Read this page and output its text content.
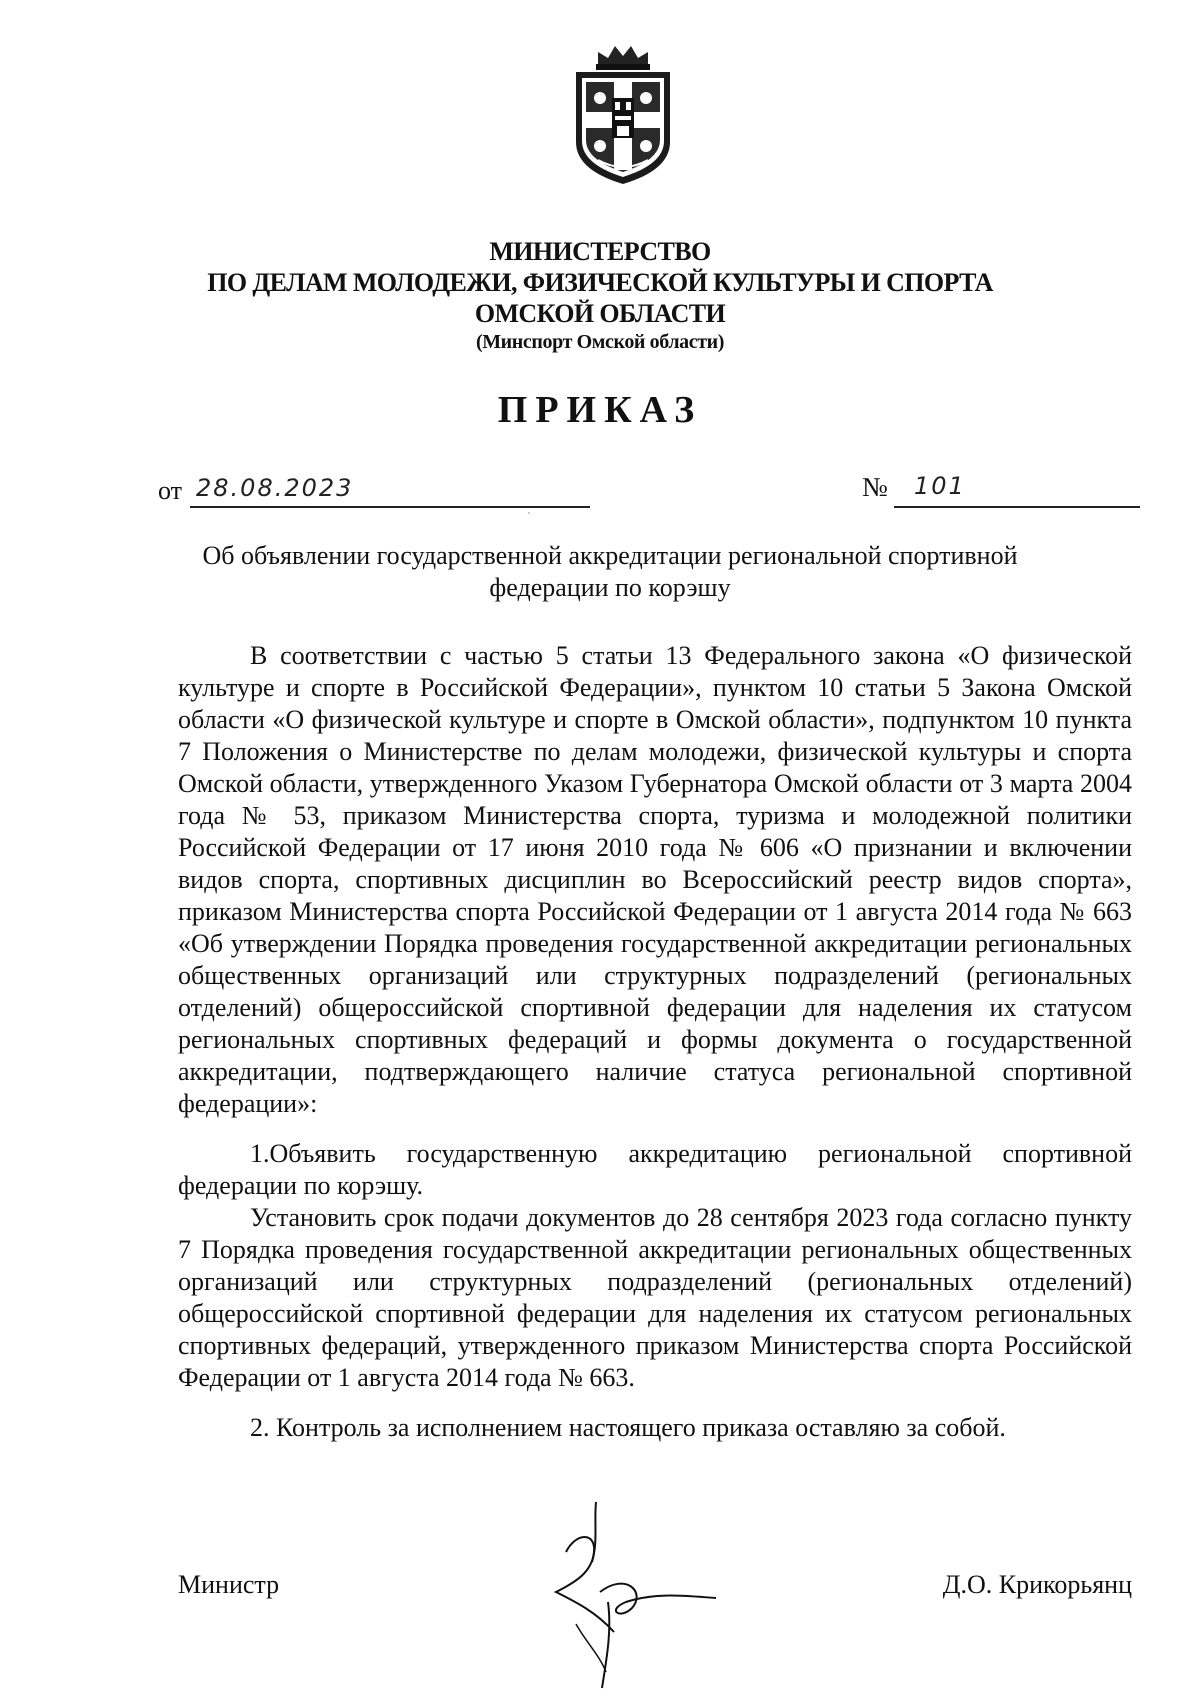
МИНИСТЕРСТВО
ПО ДЕЛАМ МОЛОДЕЖИ, ФИЗИЧЕСКОЙ КУЛЬТУРЫ И СПОРТА
ОМСКОЙ ОБЛАСТИ
(Минспорт Омской области)
ПРИКАЗ
от 28.08.2023	№ 101
Об объявлении государственной аккредитации региональной спортивной федерации по корэшу

В соответствии с частью 5 статьи 13 Федерального закона «О физической культуре и спорте в Российской Федерации», пунктом 10 статьи 5 Закона Омской области «О физической культуре и спорте в Омской области», подпунктом 10 пункта 7 Положения о Министерстве по делам молодежи, физической культуры и спорта Омской области, утвержденного Указом Губернатора Омской области от 3 марта 2004 года № 53, приказом Министерства спорта, туризма и молодежной политики Российской Федерации от 17 июня 2010 года № 606 «О признании и включении видов спорта, спортивных дисциплин во Всероссийский реестр видов спорта», приказом Министерства спорта Российской Федерации от 1 августа 2014 года № 663 «Об утверждении Порядка проведения государственной аккредитации региональных общественных организаций или структурных подразделений (региональных отделений) общероссийской спортивной федерации для наделения их статусом региональных спортивных федераций и формы документа о государственной аккредитации, подтверждающего наличие статуса региональной спортивной федерации»:

1.Объявить государственную аккредитацию региональной спортивной федерации по корэшу.

Установить срок подачи документов до 28 сентября 2023 года согласно пункту 7 Порядка проведения государственной аккредитации региональных общественных организаций или структурных подразделений (региональных отделений) общероссийской спортивной федерации для наделения их статусом региональных спортивных федераций, утвержденного приказом Министерства спорта Российской Федерации от 1 августа 2014 года № 663.

2. Контроль за исполнением настоящего приказа оставляю за собой.

Министр	Д.О. Крикорьянц
